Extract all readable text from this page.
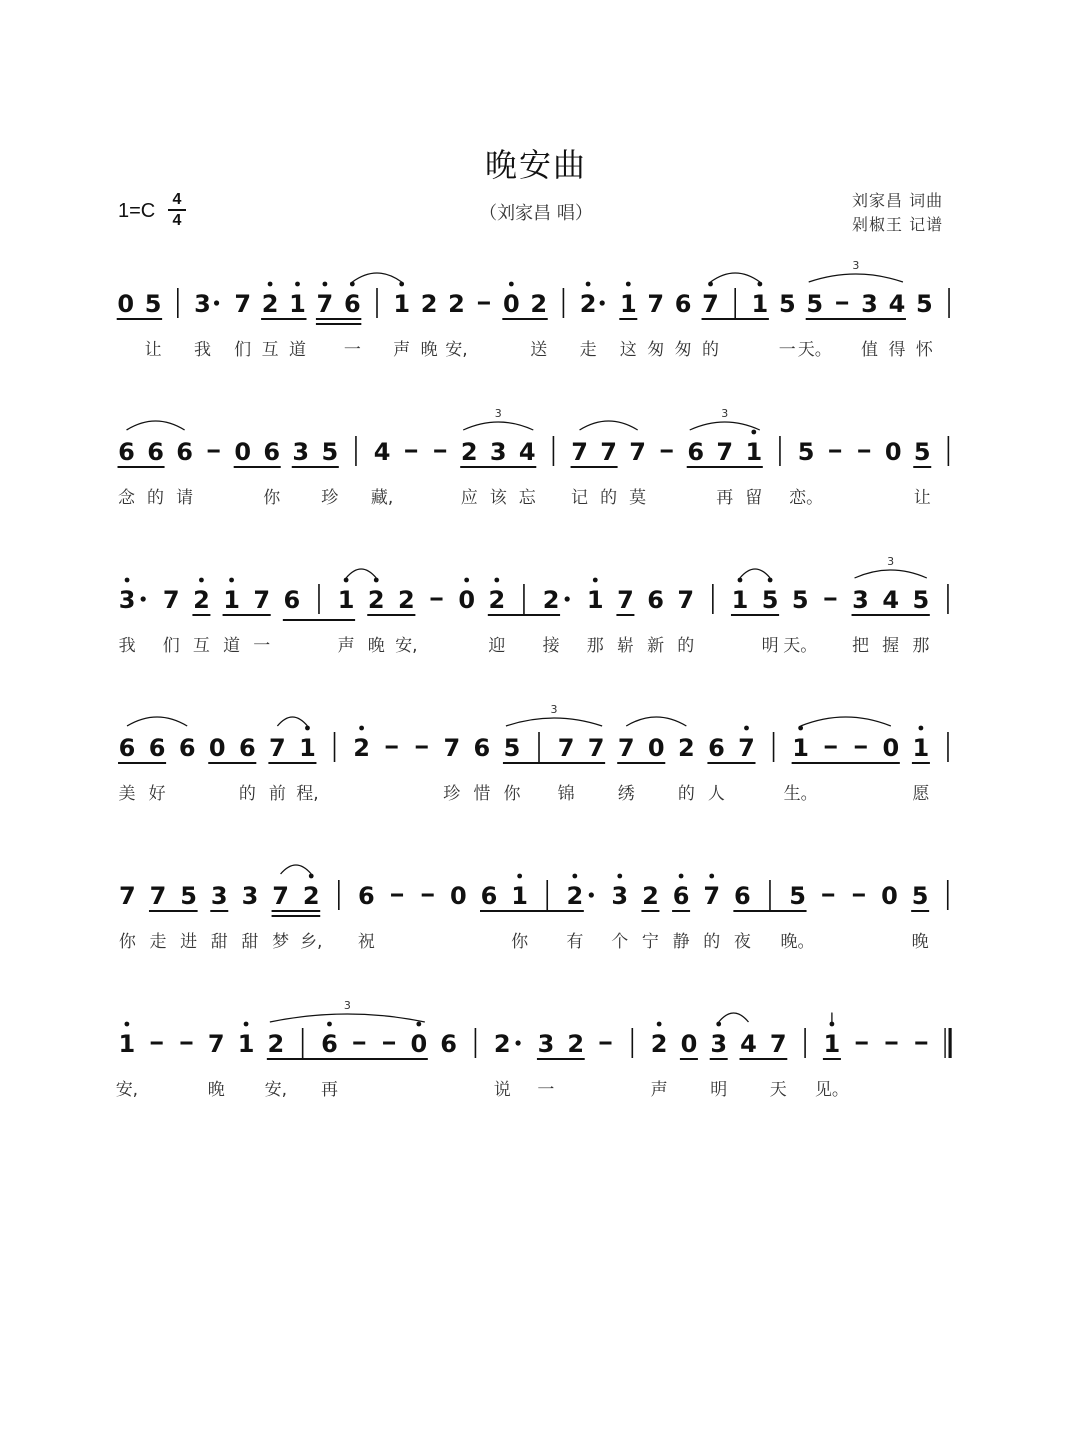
晚安曲
（刘家昌 唱）
1=C
4
4
刘家昌 词曲
剁椒王 记谱
0 5 3 7 2 1 7 6 1 2 2 0 2 2 1 7 6 7 1 5 5 3 4 5
3
让 我 们 互 道 一 声 晚 安,	送 走 这 匆 匆 的	一 天。 值 得 怀
6 6 6 0 6 3 5 4	2 3 4 7 7 7 6 7 1 5	0 5
3	3
念 的 请	你 珍 藏,	应 该 忘 记 的 莫	再 留 恋。	让
3 7 2 1 7 6 1 2 2 0 2 2 1 7 6 7 1 5 5 3 4 5
3
我 们 互 道 一	声 晚 安,	迎 接 那 崭 新 的	明 天。 把 握 那
6 6 6 0 6 7 1 2	7 6 5 7 7 7 0 2 6 7 1	0 1
3
美 好	的 前 程,	珍 惜 你 锦	绣	的 人	生。	愿
7 7 5 3 3 7 2 6	0 6 1 2 3 2 6 7 6 5	0 5
你 走 进 甜 甜 梦 乡, 祝	你 有 个 宁 静 的 夜 晚。	晚
1	7 1 2 6	0 6 2 3 2	2 0 3 4 7 1
3
安,	晚 安, 再	说 一	声	明	天 见。
